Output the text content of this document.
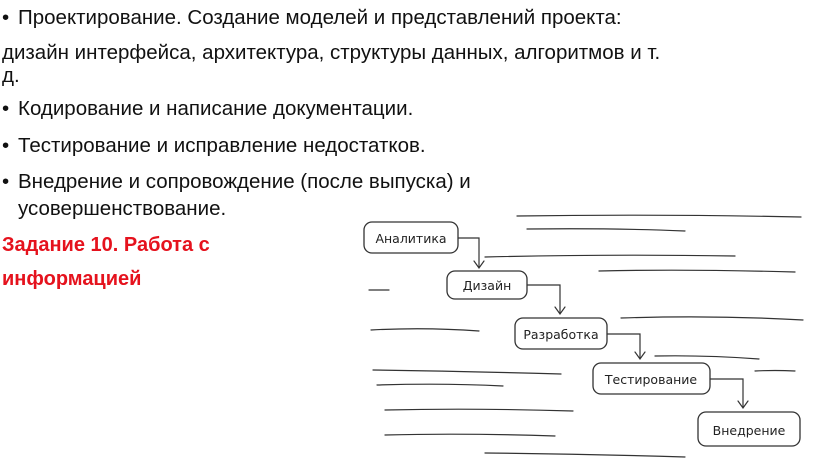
• Проектирование. Создание моделей и представлений проекта:
дизайн интерфейса, архитектура, структуры данных, алгоритмов и т.
д.
• Кодирование и написание документации.
• Тестирование и исправление недостатков.
• Внедрение и сопровождение (после выпуска) и
усовершенствование.
Задание 10. Работа с
информацией
Аналитика
Дизайн
Разработка
Тестирование
Внедрение
